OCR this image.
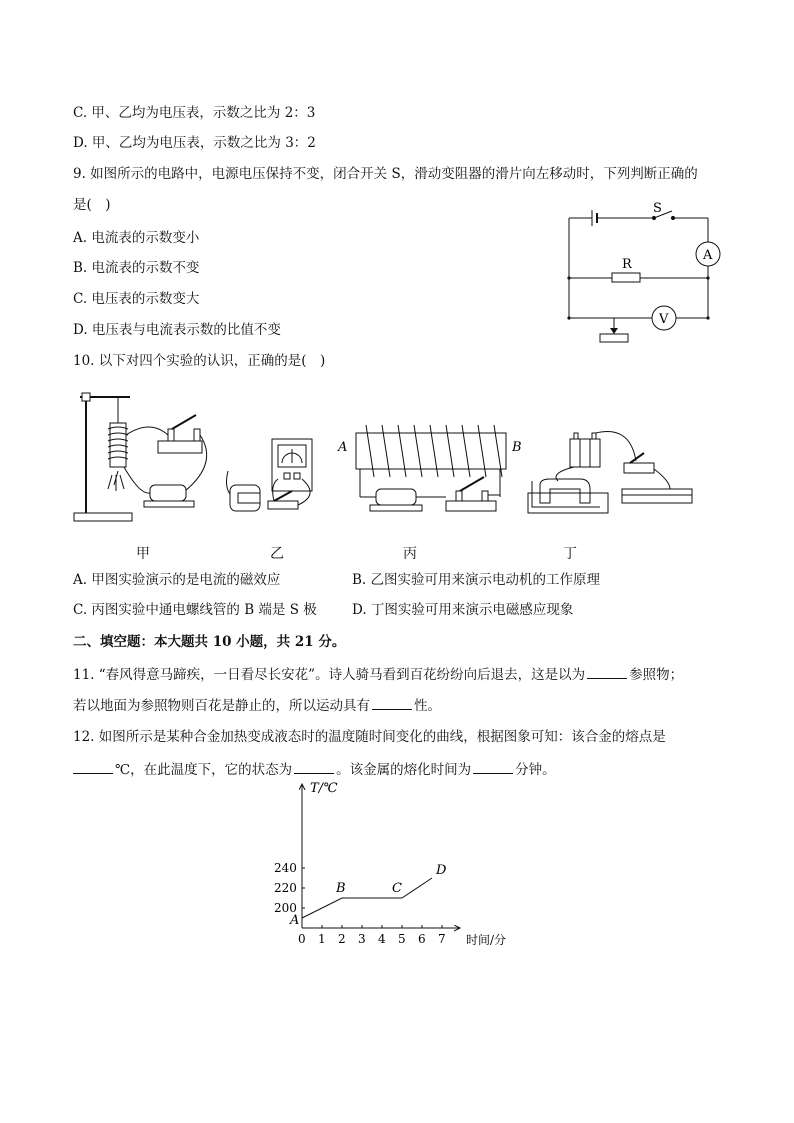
C. 甲、乙均为电压表，示数之比为 2：3
D. 甲、乙均为电压表，示数之比为 3：2
9. 如图所示的电路中，电源电压保持不变，闭合开关 S，滑动变阻器的滑片向左移动时，下列判断正确的
是(　)
A. 电流表的示数变小
B. 电流表的示数不变
C. 电压表的示数变大
D. 电压表与电流表示数的比值不变
S
A
R
V
10. 以下对四个实验的认识，正确的是(　)
A	B
甲	乙	丙	丁
A. 甲图实验演示的是电流的磁效应	B. 乙图实验可用来演示电动机的工作原理
C. 丙图实验中通电螺线管的 B 端是 S 极	D. 丁图实验可用来演示电磁感应现象
二、填空题：本大题共 10 小题，共 21 分。
11. “春风得意马蹄疾，一日看尽长安花”。诗人骑马看到百花纷纷向后退去，这是以为	参照物；
若以地面为参照物则百花是静止的，所以运动具有	性。
12. 如图所示是某种合金加热变成液态时的温度随时间变化的曲线，根据图象可知：该合金的熔点是
℃，在此温度下，它的状态为	。该金属的熔化时间为	分钟。
T/℃
时间/分
0 1 2 3 4 5 6 7
200
220
240
A
B	C
D
